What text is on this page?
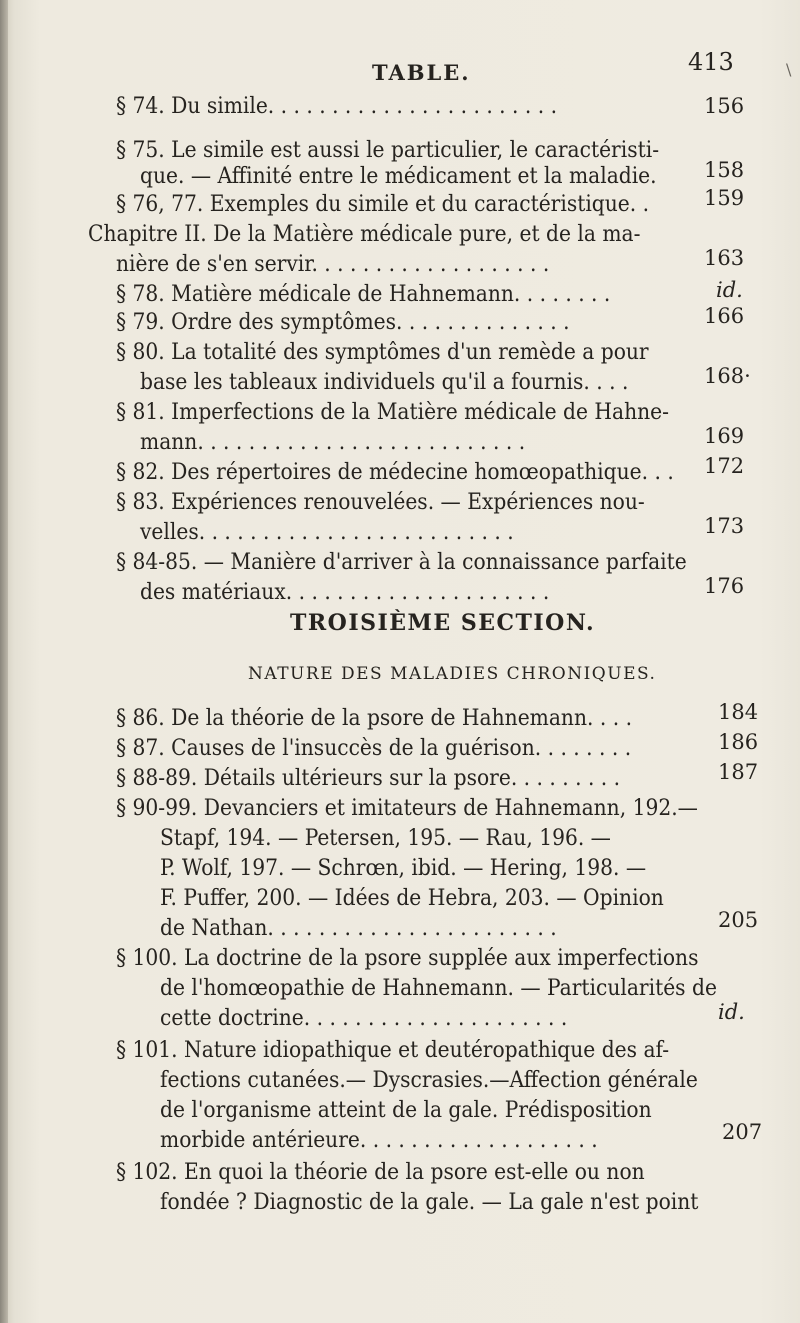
TABLE.	413	\
§ 74. Du simile. . . . . . . . . . . . . . . . . . . . . . .	156
§ 75. Le simile est aussi le particulier, le caractéristi-
que. — Affinité entre le médicament et la maladie. 158
§ 76, 77. Exemples du simile et du caractéristique. .	159
Chapitre II. De la Matière médicale pure, et de la ma-
nière de s'en servir. . . . . . . . . . . . . . . . . . .	163
§ 78. Matière médicale de Hahnemann. . . . . . . .	id.
§ 79. Ordre des symptômes. . . . . . . . . . . . . .	166
§ 80. La totalité des symptômes d'un remède a pour
base les tableaux individuels qu'il a fournis. . . .	168·
§ 81. Imperfections de la Matière médicale de Hahne-
mann. . . . . . . . . . . . . . . . . . . . . . . . . .	169
§ 82. Des répertoires de médecine homœopathique. . . 172
§ 83. Expériences renouvelées. — Expériences nou-
velles. . . . . . . . . . . . . . . . . . . . . . . . .	173
§ 84-85. — Manière d'arriver à la connaissance parfaite
des matériaux. . . . . . . . . . . . . . . . . . . . .	176
TROISIÈME SECTION.
NATURE DES MALADIES CHRONIQUES.
§ 86. De la théorie de la psore de Hahnemann. . . .	184
§ 87. Causes de l'insuccès de la guérison. . . . . . . .	186
§ 88-89. Détails ultérieurs sur la psore. . . . . . . . .	187
§ 90-99. Devanciers et imitateurs de Hahnemann, 192.—
Stapf, 194. — Petersen, 195. — Rau, 196. —
P. Wolf, 197. — Schrœn, ibid. — Hering, 198. —
F. Puffer, 200. — Idées de Hebra, 203. — Opinion
de Nathan. . . . . . . . . . . . . . . . . . . . . . .	205
§ 100. La doctrine de la psore supplée aux imperfections
de l'homœopathie de Hahnemann. — Particularités de
cette doctrine. . . . . . . . . . . . . . . . . . . . .	id.
§ 101. Nature idiopathique et deutéropathique des af-
fections cutanées.— Dyscrasies.—Affection générale
de l'organisme atteint de la gale. Prédisposition
morbide antérieure. . . . . . . . . . . . . . . . . . .	207
§ 102. En quoi la théorie de la psore est-elle ou non
fondée ? Diagnostic de la gale. — La gale n'est point
